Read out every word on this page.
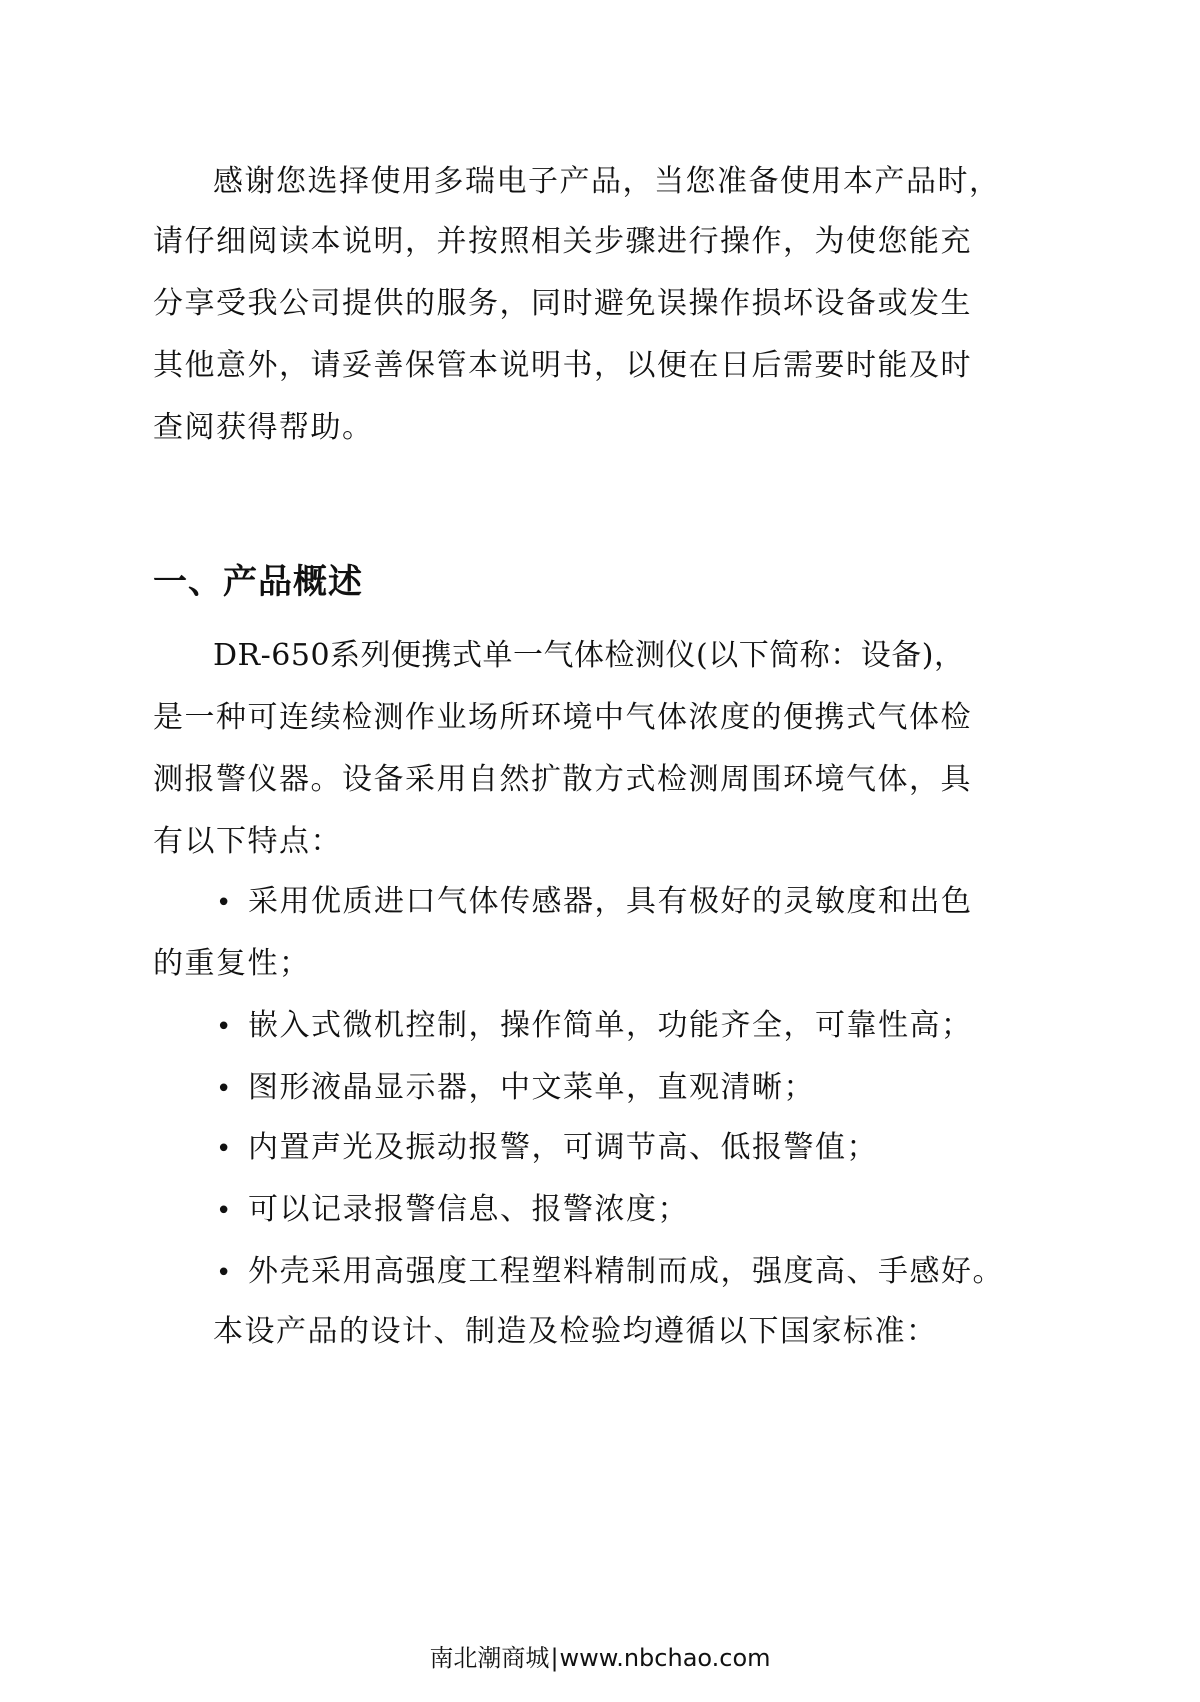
感谢您选择使用多瑞电子产品，当您准备使用本产品时，
请仔细阅读本说明，并按照相关步骤进行操作，为使您能充
分享受我公司提供的服务，同时避免误操作损坏设备或发生
其他意外，请妥善保管本说明书，以便在日后需要时能及时
查阅获得帮助。
一、产品概述
DR-650系列便携式单一气体检测仪(以下简称：设备)，
是一种可连续检测作业场所环境中气体浓度的便携式气体检
测报警仪器。设备采用自然扩散方式检测周围环境气体，具
有以下特点：
• 采用优质进口气体传感器，具有极好的灵敏度和出色
的重复性；
• 嵌入式微机控制，操作简单，功能齐全，可靠性高；
• 图形液晶显示器，中文菜单，直观清晰；
• 内置声光及振动报警，可调节高、低报警值；
• 可以记录报警信息、报警浓度；
• 外壳采用高强度工程塑料精制而成，强度高、手感好。
本设产品的设计、制造及检验均遵循以下国家标准：
南北潮商城|www.nbchao.com
